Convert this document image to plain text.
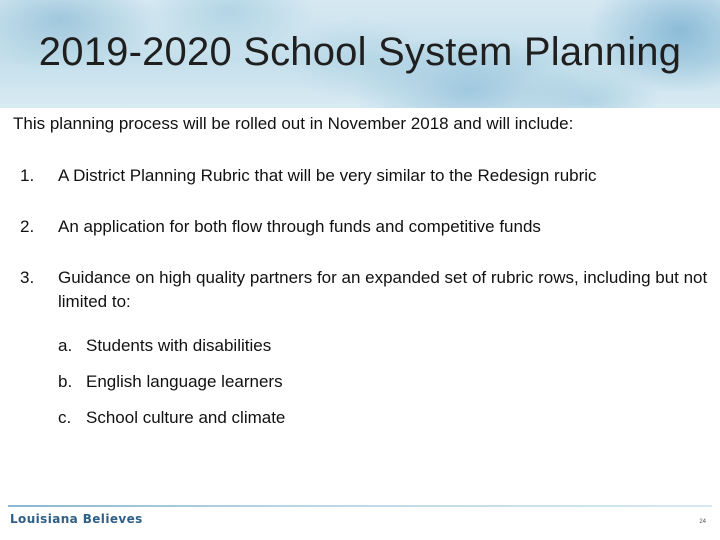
2019-2020 School System Planning

This planning process will be rolled out in November 2018 and will include:

1. A District Planning Rubric that will be very similar to the Redesign rubric
2. An application for both flow through funds and competitive funds
3. Guidance on high quality partners for an expanded set of rubric rows, including but not limited to:
a. Students with disabilities
b. English language learners
c. School culture and climate
Louisiana Believes	24
